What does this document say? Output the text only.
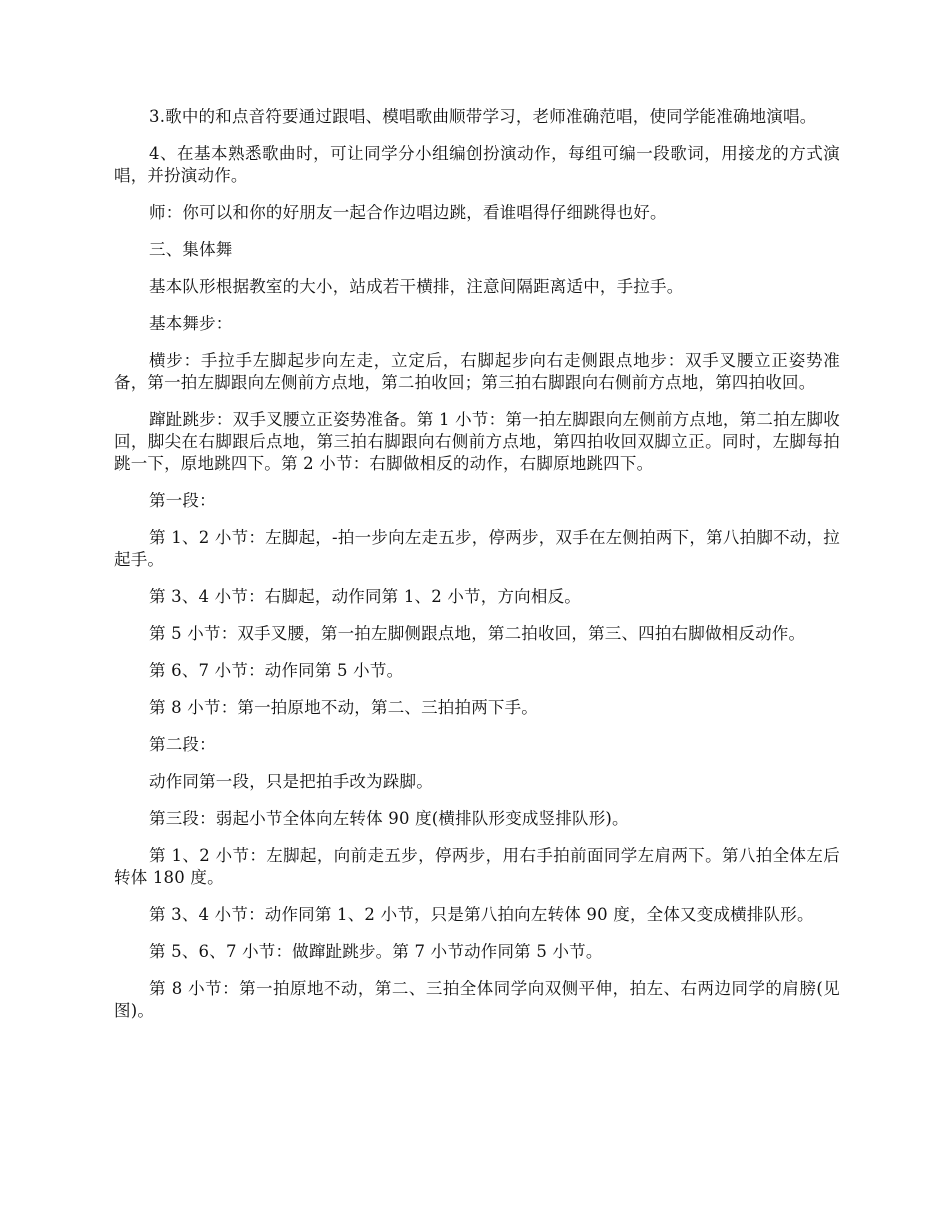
3.歌中的和点音符要通过跟唱、模唱歌曲顺带学习，老师准确范唱，使同学能准确地演唱。

4、在基本熟悉歌曲时，可让同学分小组编创扮演动作，每组可编一段歌词，用接龙的方式演唱，并扮演动作。

师：你可以和你的好朋友一起合作边唱边跳，看谁唱得仔细跳得也好。

三、集体舞

基本队形根据教室的大小，站成若干横排，注意间隔距离适中，手拉手。

基本舞步：

横步：手拉手左脚起步向左走，立定后，右脚起步向右走侧跟点地步：双手叉腰立正姿势准备，第一拍左脚跟向左侧前方点地，第二拍收回；第三拍右脚跟向右侧前方点地，第四拍收回。

蹿趾跳步：双手叉腰立正姿势准备。第 1 小节：第一拍左脚跟向左侧前方点地，第二拍左脚收回，脚尖在右脚跟后点地，第三拍右脚跟向右侧前方点地，第四拍收回双脚立正。同时，左脚每拍跳一下，原地跳四下。第 2 小节：右脚做相反的动作，右脚原地跳四下。

第一段：

第 1、2 小节：左脚起，-拍一步向左走五步，停两步，双手在左侧拍两下，第八拍脚不动，拉起手。

第 3、4 小节：右脚起，动作同第 1、2 小节，方向相反。

第 5 小节：双手叉腰，第一拍左脚侧跟点地，第二拍收回，第三、四拍右脚做相反动作。

第 6、7 小节：动作同第 5 小节。

第 8 小节：第一拍原地不动，第二、三拍拍两下手。

第二段：

动作同第一段，只是把拍手改为跺脚。

第三段：弱起小节全体向左转体 90 度(横排队形变成竖排队形)。

第 1、2 小节：左脚起，向前走五步，停两步，用右手拍前面同学左肩两下。第八拍全体左后转体 180 度。

第 3、4 小节：动作同第 1、2 小节，只是第八拍向左转体 90 度，全体又变成横排队形。

第 5、6、7 小节：做蹿趾跳步。第 7 小节动作同第 5 小节。

第 8 小节：第一拍原地不动，第二、三拍全体同学向双侧平伸，拍左、右两边同学的肩膀(见图)。
